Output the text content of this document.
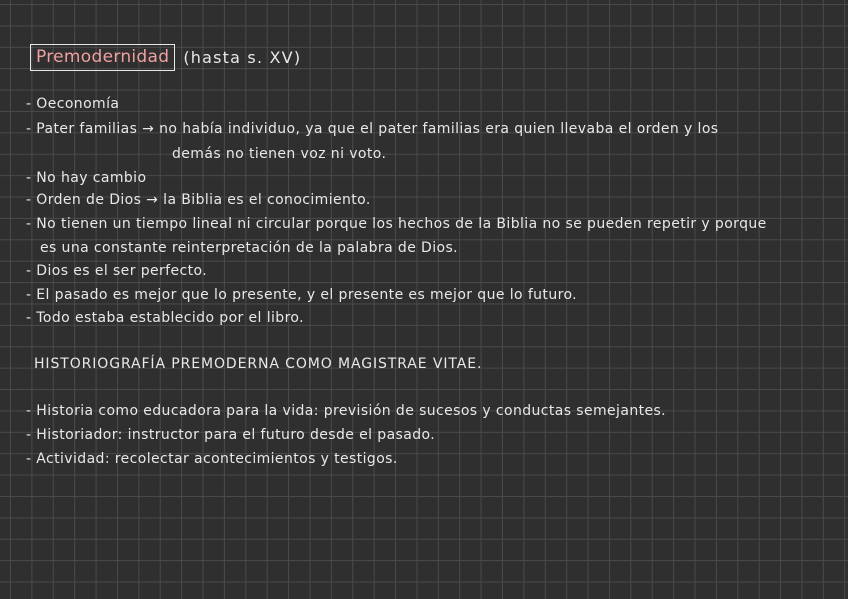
Premodernidad (hasta s. XV)
- Oeconomía
- Pater familias → no había individuo, ya que el pater familias era quien llevaba el orden y los
demás no tienen voz ni voto.
- No hay cambio
- Orden de Dios → la Biblia es el conocimiento.
- No tienen un tiempo lineal ni circular porque los hechos de la Biblia no se pueden repetir y porque
es una constante reinterpretación de la palabra de Dios.
- Dios es el ser perfecto.
- El pasado es mejor que lo presente, y el presente es mejor que lo futuro.
- Todo estaba establecido por el libro.
HISTORIOGRAFÍA PREMODERNA COMO MAGISTRAE VITAE.
- Historia como educadora para la vida: previsión de sucesos y conductas semejantes.
- Historiador: instructor para el futuro desde el pasado.
- Actividad: recolectar acontecimientos y testigos.
